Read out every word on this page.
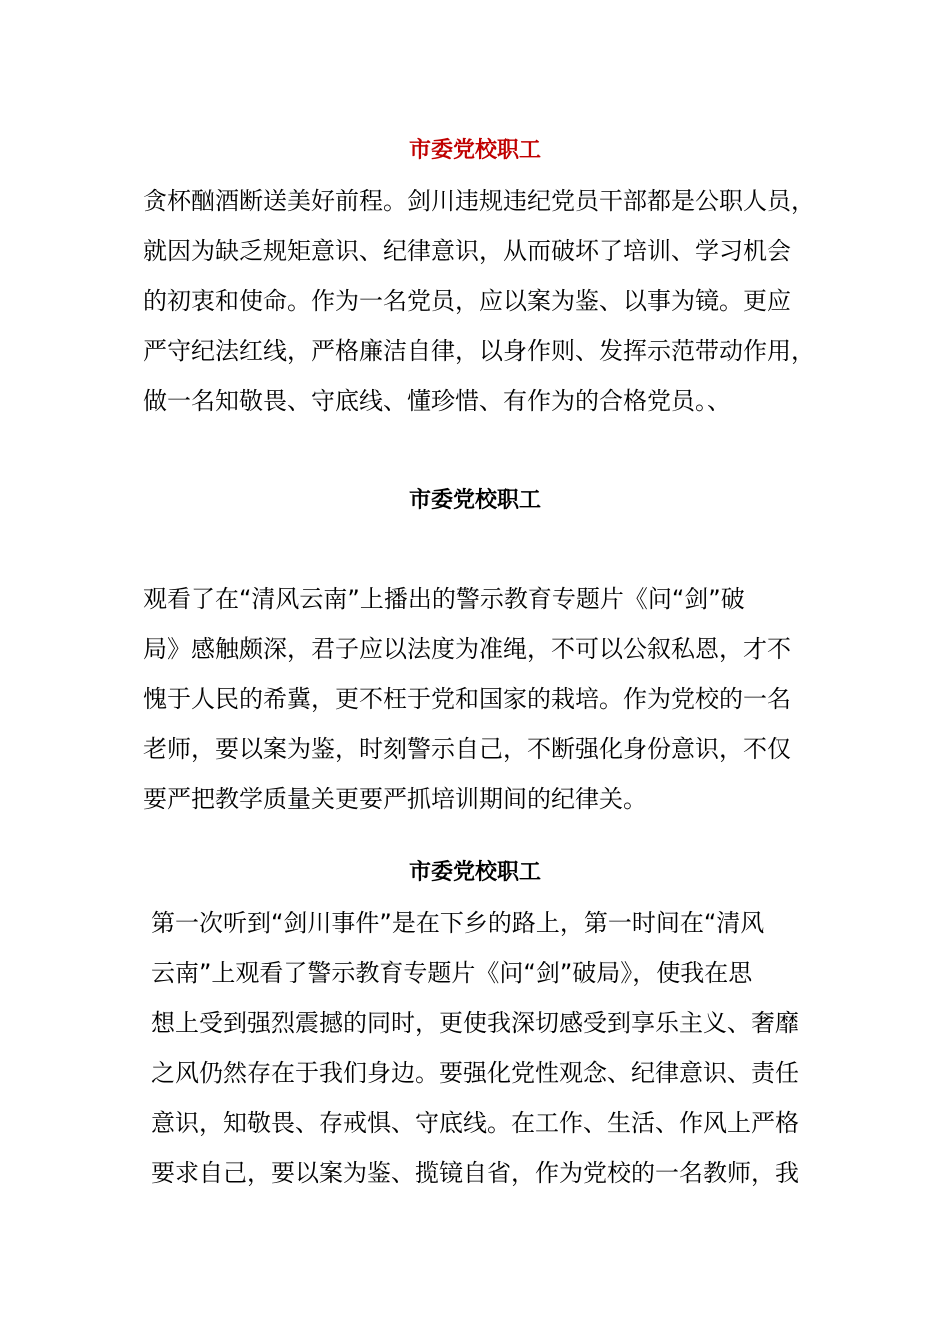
市委党校职工
贪杯酗酒断送美好前程。剑川违规违纪党员干部都是公职人员，
就因为缺乏规矩意识、纪律意识，从而破坏了培训、学习机会
的初衷和使命。作为一名党员，应以案为鉴、以事为镜。更应
严守纪法红线，严格廉洁自律，以身作则、发挥示范带动作用，
做一名知敬畏、守底线、懂珍惜、有作为的合格党员。、
市委党校职工
观看了在“清风云南”上播出的警示教育专题片《问“剑”破
局》感触颇深，君子应以法度为准绳，不可以公叙私恩，才不
愧于人民的希冀，更不枉于党和国家的栽培。作为党校的一名
老师，要以案为鉴，时刻警示自己，不断强化身份意识，不仅
要严把教学质量关更要严抓培训期间的纪律关。
市委党校职工
第一次听到“剑川事件”是在下乡的路上，第一时间在“清风
云南”上观看了警示教育专题片《问“剑”破局》，使我在思
想上受到强烈震撼的同时，更使我深切感受到享乐主义、奢靡
之风仍然存在于我们身边。要强化党性观念、纪律意识、责任
意识，知敬畏、存戒惧、守底线。在工作、生活、作风上严格
要求自己，要以案为鉴、揽镜自省，作为党校的一名教师，我
